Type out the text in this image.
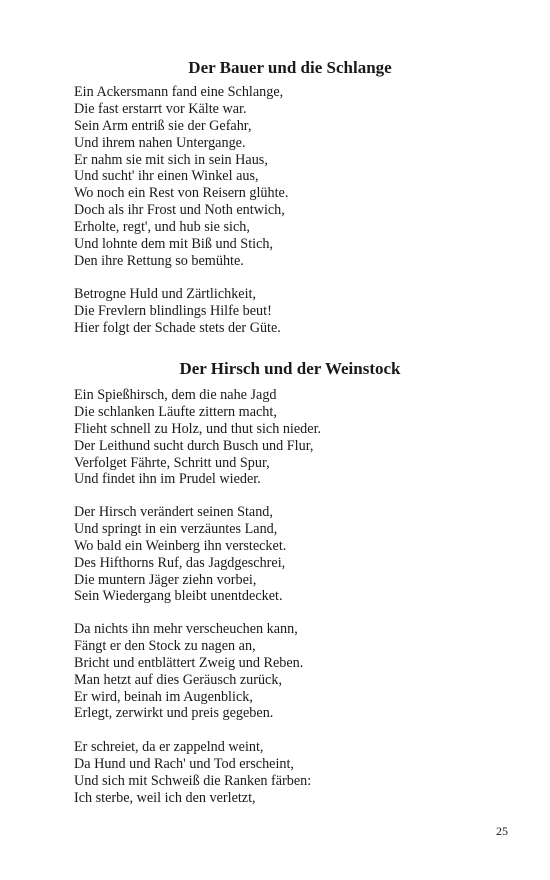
Der Bauer und die Schlange
Ein Ackersmann fand eine Schlange,
Die fast erstarrt vor Kälte war.
Sein Arm entriß sie der Gefahr,
Und ihrem nahen Untergange.
Er nahm sie mit sich in sein Haus,
Und sucht' ihr einen Winkel aus,
Wo noch ein Rest von Reisern glühte.
Doch als ihr Frost und Noth entwich,
Erholte, regt', und hub sie sich,
Und lohnte dem mit Biß und Stich,
Den ihre Rettung so bemühte.
Betrogne Huld und Zärtlichkeit,
Die Frevlern blindlings Hilfe beut!
Hier folgt der Schade stets der Güte.
Der Hirsch und der Weinstock
Ein Spießhirsch, dem die nahe Jagd
Die schlanken Läufte zittern macht,
Flieht schnell zu Holz, und thut sich nieder.
Der Leithund sucht durch Busch und Flur,
Verfolget Fährte, Schritt und Spur,
Und findet ihn im Prudel wieder.
Der Hirsch verändert seinen Stand,
Und springt in ein verzäuntes Land,
Wo bald ein Weinberg ihn verstecket.
Des Hifthorns Ruf, das Jagdgeschrei,
Die muntern Jäger ziehn vorbei,
Sein Wiedergang bleibt unentdecket.
Da nichts ihn mehr verscheuchen kann,
Fängt er den Stock zu nagen an,
Bricht und entblättert Zweig und Reben.
Man hetzt auf dies Geräusch zurück,
Er wird, beinah im Augenblick,
Erlegt, zerwirkt und preis gegeben.
Er schreiet, da er zappelnd weint,
Da Hund und Rach' und Tod erscheint,
Und sich mit Schweiß die Ranken färben:
Ich sterbe, weil ich den verletzt,
25
